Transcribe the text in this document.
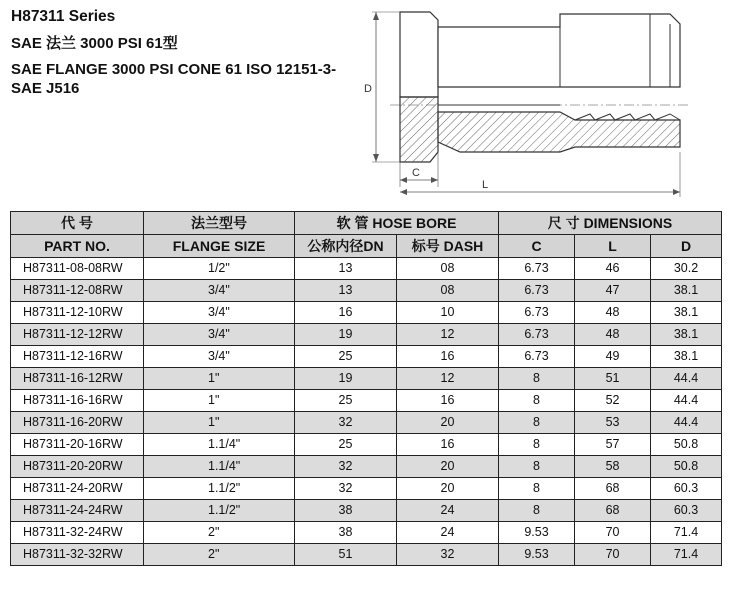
H87311 Series
SAE 法兰 3000 PSI 61型
SAE FLANGE 3000 PSI CONE 61 ISO 12151-3-
SAE J516	D
C
L
代 号	法兰型号	软 管 HOSE BORE		尺 寸 DIMENSIONS		
PART NO.	FLANGE SIZE	公称内径DN	标号 DASH	C	L	D
H87311-08-08RW	1/2"	13	08	6.73	46	30.2
H87311-12-08RW	3/4"	13	08	6.73	47	38.1
H87311-12-10RW	3/4"	16	10	6.73	48	38.1
H87311-12-12RW	3/4"	19	12	6.73	48	38.1
H87311-12-16RW	3/4"	25	16	6.73	49	38.1
H87311-16-12RW	1"	19	12	8	51	44.4
H87311-16-16RW	1"	25	16	8	52	44.4
H87311-16-20RW	1"	32	20	8	53	44.4
H87311-20-16RW	1.1/4"	25	16	8	57	50.8
H87311-20-20RW	1.1/4"	32	20	8	58	50.8
H87311-24-20RW	1.1/2"	32	20	8	68	60.3
H87311-24-24RW	1.1/2"	38	24	8	68	60.3
H87311-32-24RW	2"	38	24	9.53	70	71.4
H87311-32-32RW	2"	51	32	9.53	70	71.4
